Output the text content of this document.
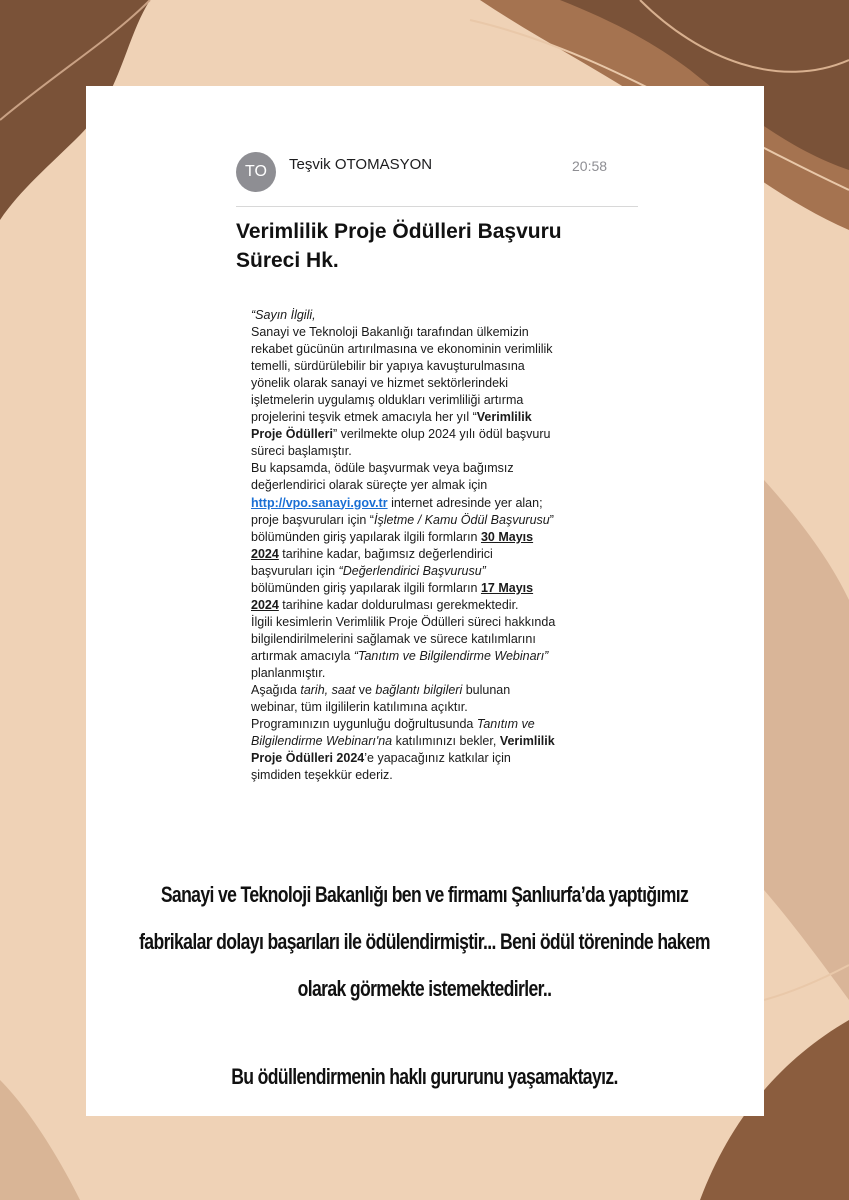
TO	Teşvik OTOMASYON	20:58
Verimlilik Proje Ödülleri Başvuru
Süreci Hk.
“Sayın İlgili,
Sanayi ve Teknoloji Bakanlığı tarafından ülkemizin rekabet gücünün artırılmasına ve ekonominin verimlilik temelli, sürdürülebilir bir yapıya kavuşturulmasına yönelik olarak sanayi ve hizmet sektörlerindeki işletmelerin uygulamış oldukları verimliliği artırma projelerini teşvik etmek amacıyla her yıl “Verimlilik Proje Ödülleri” verilmekte olup 2024 yılı ödül başvuru süreci başlamıştır.
Bu kapsamda, ödüle başvurmak veya bağımsız değerlendirici olarak süreçte yer almak için http://vpo.sanayi.gov.tr internet adresinde yer alan; proje başvuruları için “İşletme / Kamu Ödül Başvurusu” bölümünden giriş yapılarak ilgili formların 30 Mayıs 2024 tarihine kadar, bağımsız değerlendirici başvuruları için “Değerlendirici Başvurusu” bölümünden giriş yapılarak ilgili formların 17 Mayıs 2024 tarihine kadar doldurulması gerekmektedir.
İlgili kesimlerin Verimlilik Proje Ödülleri süreci hakkında bilgilendirilmelerini sağlamak ve sürece katılımlarını artırmak amacıyla “Tanıtım ve Bilgilendirme Webinarı” planlanmıştır.
Aşağıda tarih, saat ve bağlantı bilgileri bulunan webinar, tüm ilgililerin katılımına açıktır.
Programınızın uygunluğu doğrultusunda Tanıtım ve Bilgilendirme Webinarı'na katılımınızı bekler, Verimlilik Proje Ödülleri 2024’e yapacağınız katkılar için şimdiden teşekkür ederiz.
Sanayi ve Teknoloji Bakanlığı ben ve firmamı Şanlıurfa’da yaptığımız
fabrikalar dolayı başarıları ile ödülendirmiştir... Beni ödül töreninde hakem
olarak görmekte istemektedirler..
Bu ödüllendirmenin haklı gururunu yaşamaktayız.
